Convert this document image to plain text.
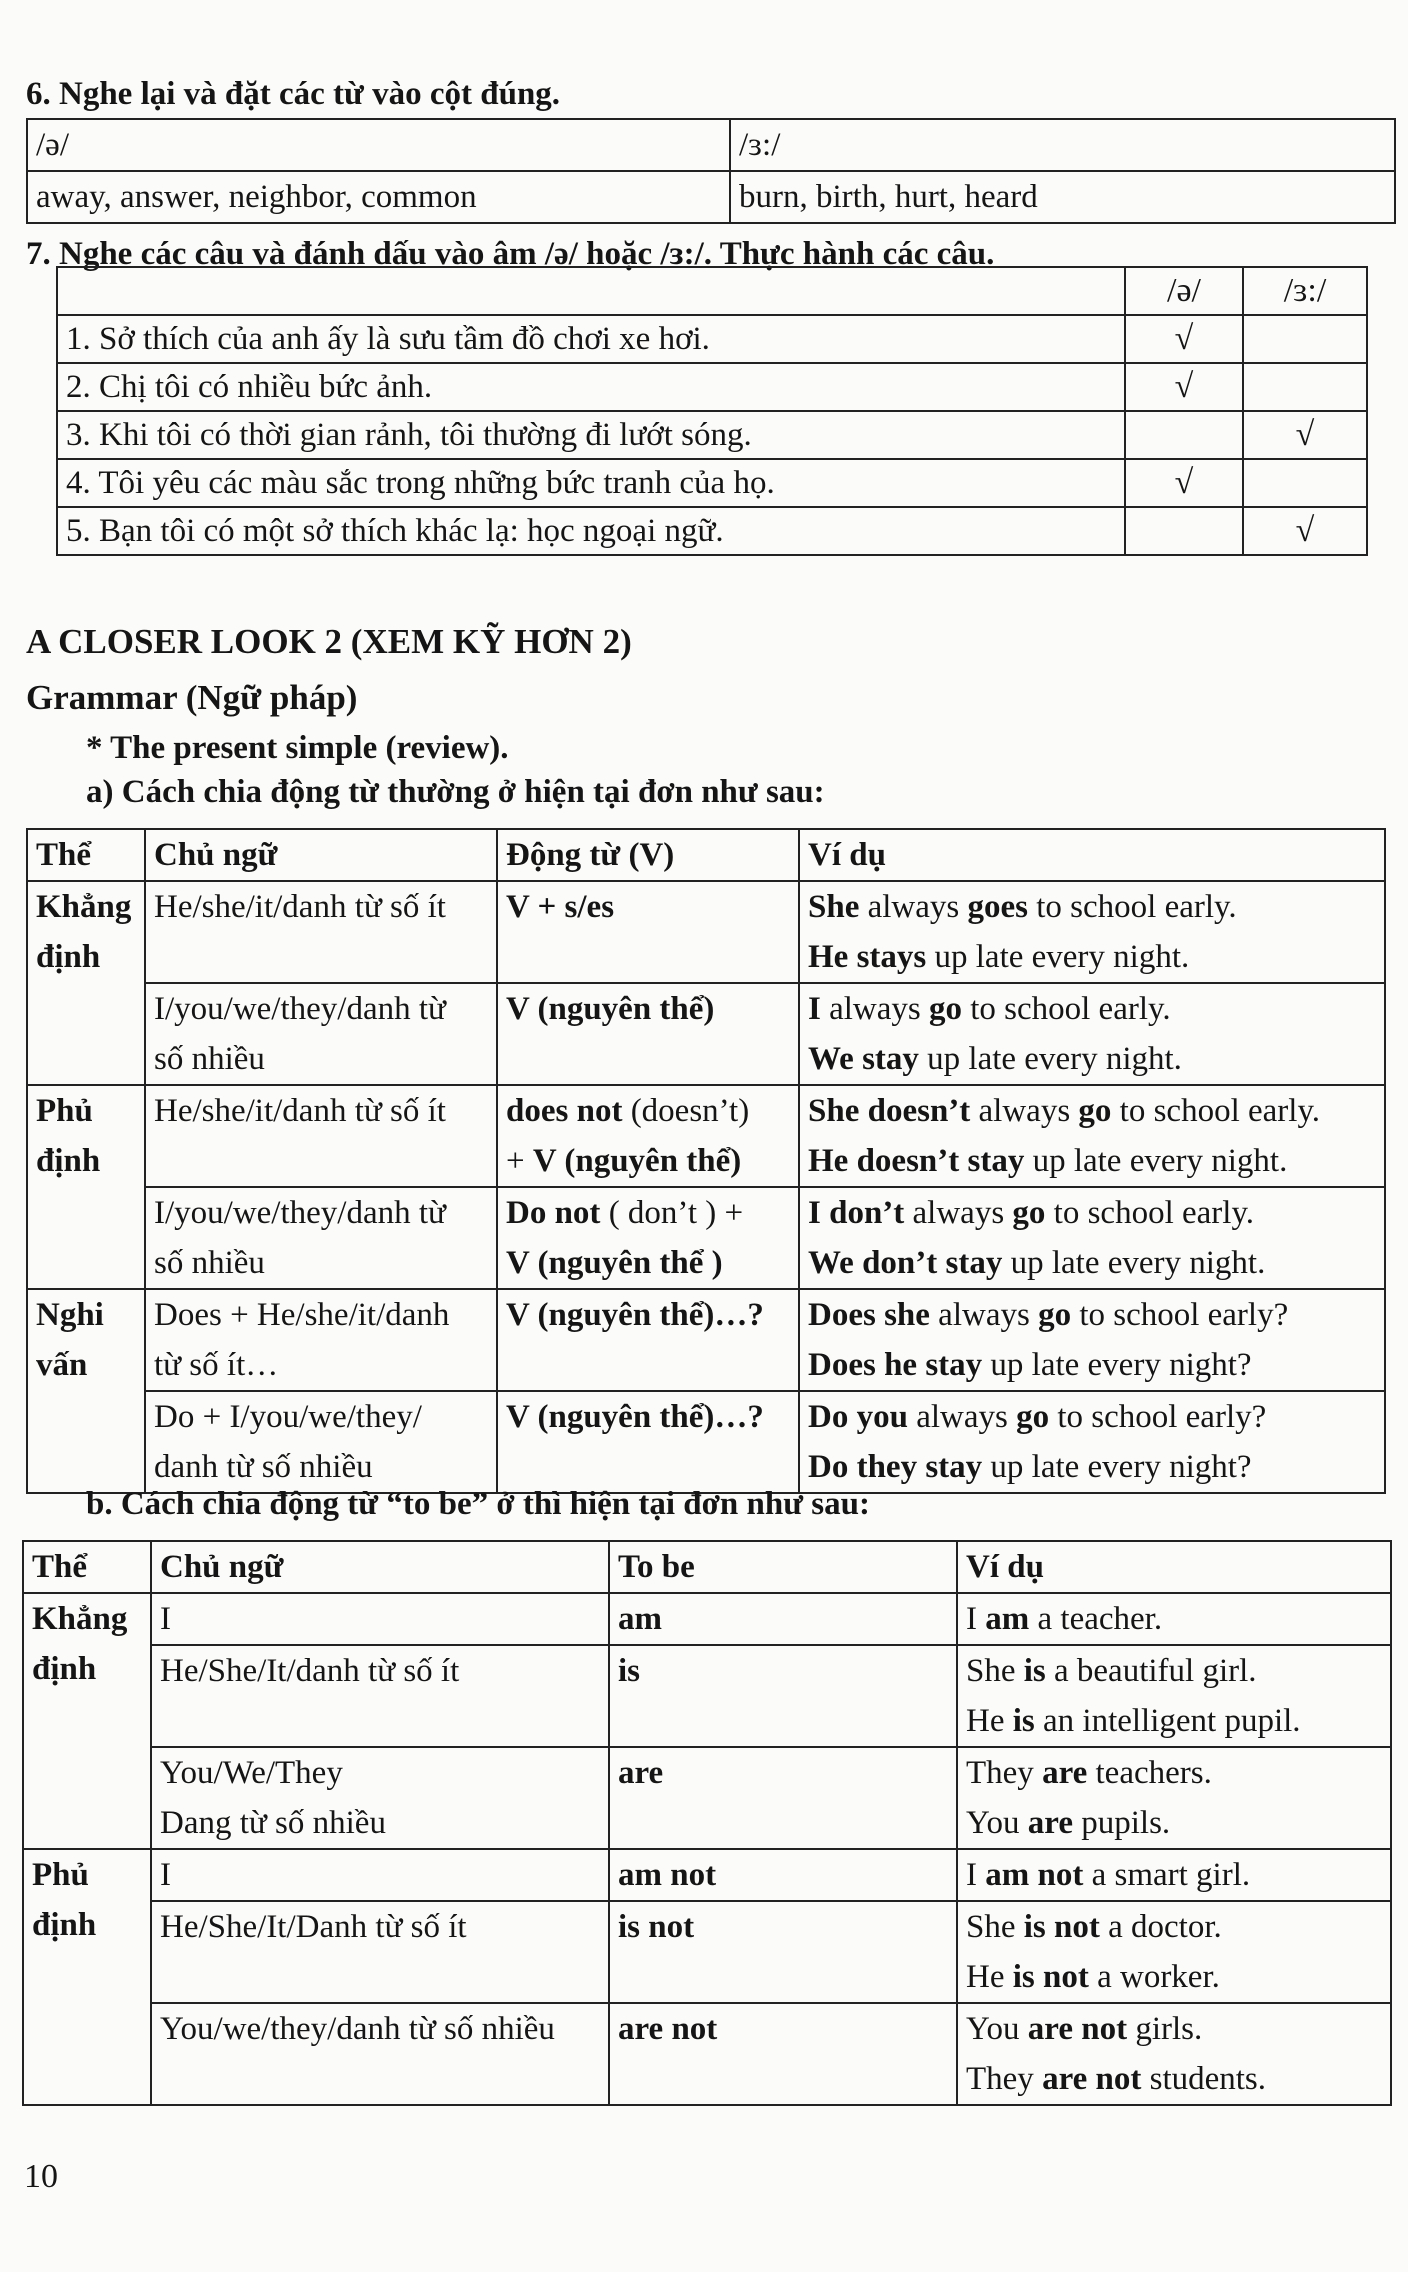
6. Nghe lại và đặt các từ vào cột đúng.
/ə/	/ɜ:/
away, answer, neighbor, common	burn, birth, hurt, heard
7. Nghe các câu và đánh dấu vào âm /ə/ hoặc /ɜ:/. Thực hành các câu.
	/ə/	/ɜ:/
1. Sở thích của anh ấy là sưu tầm đồ chơi xe hơi.	√	
2. Chị tôi có nhiều bức ảnh.	√	
3. Khi tôi có thời gian rảnh, tôi thường đi lướt sóng.		√
4. Tôi yêu các màu sắc trong những bức tranh của họ.	√	
5. Bạn tôi có một sở thích khác lạ: học ngoại ngữ.		√
A CLOSER LOOK 2 (XEM KỸ HƠN 2)
Grammar (Ngữ pháp)
* The present simple (review).
a) Cách chia động từ thường ở hiện tại đơn như sau:
Thể	Chủ ngữ	Động từ (V)	Ví dụ

Khẳng
định	He/she/it/danh từ số ít	V + s/es	She always goes to school early.
He stays up late every night.

	I/you/we/they/danh từ
số nhiều	V (nguyên thể)	I always go to school early.
We stay up late every night.

Phủ
định	He/she/it/danh từ số ít	does not (doesn’t)
+ V (nguyên thể)	She doesn’t always go to school early.
He doesn’t stay up late every night.

	I/you/we/they/danh từ
số nhiều	Do not ( don’t ) +
V (nguyên thể )	I don’t always go to school early.
We don’t stay up late every night.

Nghi
vấn	Does + He/she/it/danh
từ số ít…	V (nguyên thể)…?	Does she always go to school early?
Does he stay up late every night?

	Do + I/you/we/they/
danh từ số nhiều	V (nguyên thể)…?	Do you always go to school early?
Do they stay up late every night?
b. Cách chia động từ “to be” ở thì hiện tại đơn như sau:
Thể	Chủ ngữ	To be	Ví dụ

Khẳng
định	I	am	I am a teacher.

	He/She/It/danh từ số ít	is	She is a beautiful girl.
He is an intelligent pupil.

	You/We/They
Dang từ số nhiều	are	They are teachers.
You are pupils.

Phủ
định	I	am not	I am not a smart girl.

	He/She/It/Danh từ số ít	is not	She is not a doctor.
He is not a worker.

	You/we/they/danh từ số nhiều	are not	You are not girls.
They are not students.
10
